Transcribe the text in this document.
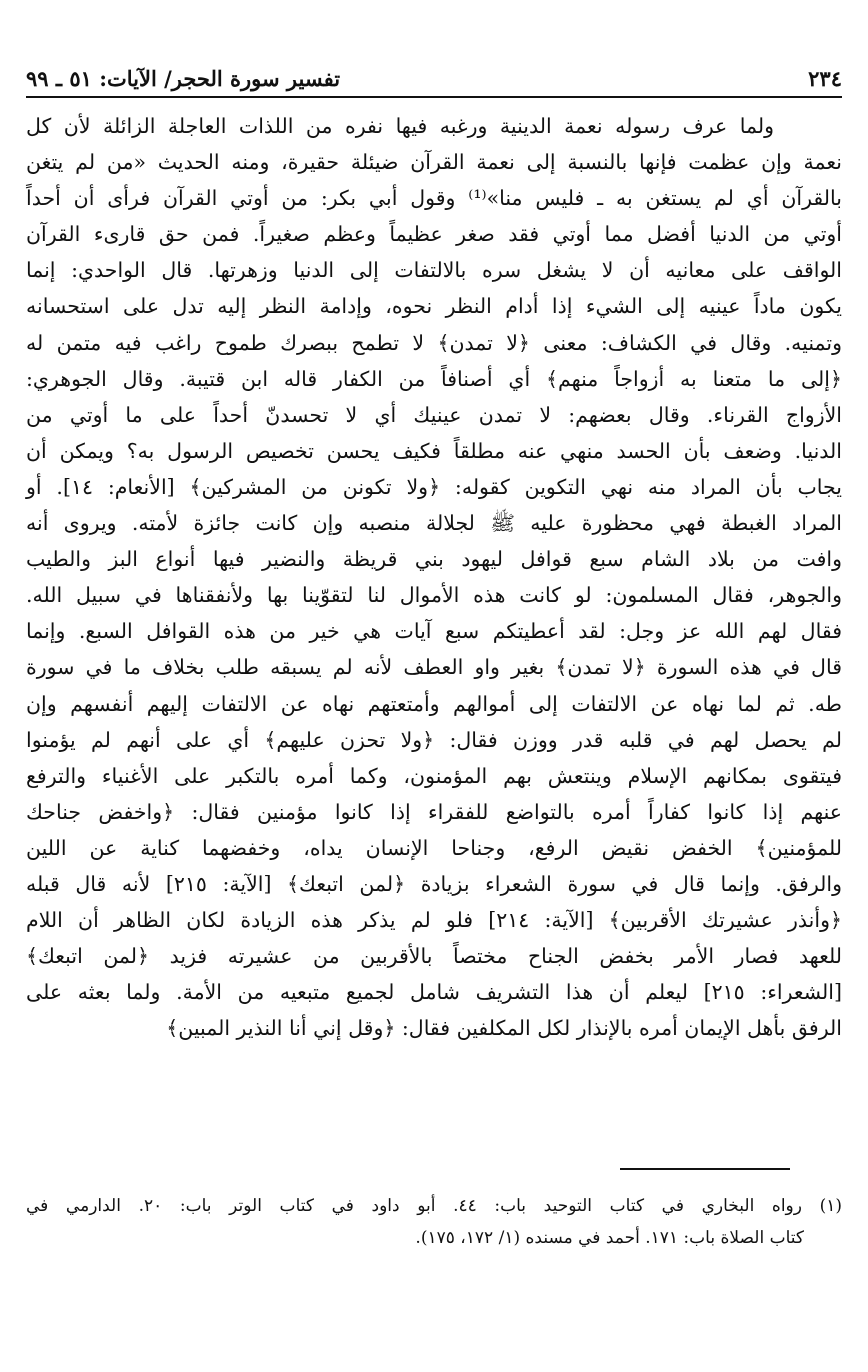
٢٣٤
تفسير سورة الحجر/ الآيات: ٥١ ـ ٩٩
ولما عرف رسوله نعمة الدينية ورغبه فيها نفره من اللذات العاجلة الزائلة لأن كل
نعمة وإن عظمت فإنها بالنسبة إلى نعمة القرآن ضيئلة حقيرة، ومنه الحديث «من لم يتغن
بالقرآن أي لم يستغن به ـ فليس منا»⁽¹⁾ وقول أبي بكر: من أوتي القرآن فرأى أن أحداً
أوتي من الدنيا أفضل مما أوتي فقد صغر عظيماً وعظم صغيراً. فمن حق قارىء القرآن
الواقف على معانيه أن لا يشغل سره بالالتفات إلى الدنيا وزهرتها. قال الواحدي: إنما
يكون ماداً عينيه إلى الشيء إذا أدام النظر نحوه، وإدامة النظر إليه تدل على استحسانه
وتمنيه. وقال في الكشاف: معنى ﴿لا تمدن﴾ لا تطمح ببصرك طموح راغب فيه متمن له
﴿إلى ما متعنا به أزواجاً منهم﴾ أي أصنافاً من الكفار قاله ابن قتيبة. وقال الجوهري:
الأزواج القرناء. وقال بعضهم: لا تمدن عينيك أي لا تحسدنّ أحداً على ما أوتي من
الدنيا. وضعف بأن الحسد منهي عنه مطلقاً فكيف يحسن تخصيص الرسول به؟ ويمكن أن
يجاب بأن المراد منه نهي التكوين كقوله: ﴿ولا تكونن من المشركين﴾ [الأنعام: ١٤]. أو
المراد الغبطة فهي محظورة عليه ﷺ لجلالة منصبه وإن كانت جائزة لأمته. ويروى أنه
وافت من بلاد الشام سبع قوافل ليهود بني قريظة والنضير فيها أنواع البز والطيب
والجوهر، فقال المسلمون: لو كانت هذه الأموال لنا لتقوّينا بها ولأنفقناها في سبيل الله.
فقال لهم الله عز وجل: لقد أعطيتكم سبع آيات هي خير من هذه القوافل السبع. وإنما
قال في هذه السورة ﴿لا تمدن﴾ بغير واو العطف لأنه لم يسبقه طلب بخلاف ما في سورة
طه. ثم لما نهاه عن الالتفات إلى أموالهم وأمتعتهم نهاه عن الالتفات إليهم أنفسهم وإن
لم يحصل لهم في قلبه قدر ووزن فقال: ﴿ولا تحزن عليهم﴾ أي على أنهم لم يؤمنوا
فيتقوى بمكانهم الإسلام وينتعش بهم المؤمنون، وكما أمره بالتكبر على الأغنياء والترفع
عنهم إذا كانوا كفاراً أمره بالتواضع للفقراء إذا كانوا مؤمنين فقال: ﴿واخفض جناحك
للمؤمنين﴾ الخفض نقيض الرفع، وجناحا الإنسان يداه، وخفضهما كناية عن اللين
والرفق. وإنما قال في سورة الشعراء بزيادة ﴿لمن اتبعك﴾ [الآية: ٢١٥] لأنه قال قبله
﴿وأنذر عشيرتك الأقربين﴾ [الآية: ٢١٤] فلو لم يذكر هذه الزيادة لكان الظاهر أن اللام
للعهد فصار الأمر بخفض الجناح مختصاً بالأقربين من عشيرته فزيد ﴿لمن اتبعك﴾
[الشعراء: ٢١٥] ليعلم أن هذا التشريف شامل لجميع متبعيه من الأمة. ولما بعثه على
الرفق بأهل الإيمان أمره بالإنذار لكل المكلفين فقال: ﴿وقل إني أنا النذير المبين﴾
(١) رواه البخاري في كتاب التوحيد باب: ٤٤. أبو داود في كتاب الوتر باب: ٢٠. الدارمي في
كتاب الصلاة باب: ١٧١. أحمد في مسنده (١/ ١٧٢، ١٧٥).
